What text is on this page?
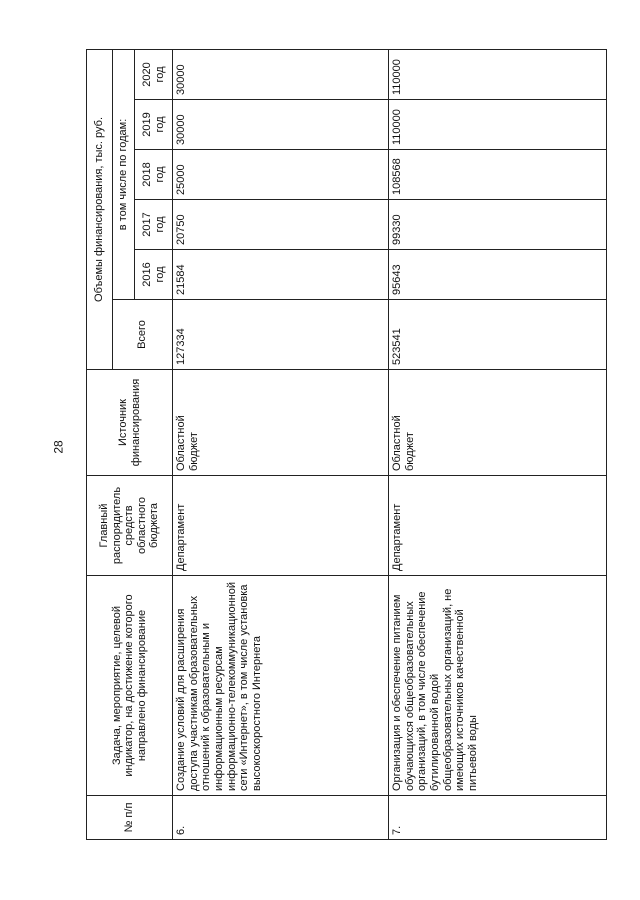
28
№ п/п	Задача, мероприятие, целевой индикатор, на достижение которого направлено финансирование	Главный распорядитель средств областного бюджета	Источник финансирования	Объемы финансирования, тыс. руб.					
				Всего	в том числе по годам:				
					2016 год	2017 год	2018 год	2019 год	2020 год
6.	Создание условий для расширения доступа участникам образовательных отношений к образовательным и информационным ресурсам информационно-телекоммуникационной сети «Интернет», в том числе установка высокоскоростного Интернета	Департамент	Областной бюджет	127334	21584	20750	25000	30000	30000
7.	Организация и обеспечение питанием обучающихся общеобразовательных организаций, в том числе обеспечение бутилированной водой общеобразовательных организаций, не имеющих источников качественной питьевой воды	Департамент	Областной бюджет	523541	95643	99330	108568	110000	110000
